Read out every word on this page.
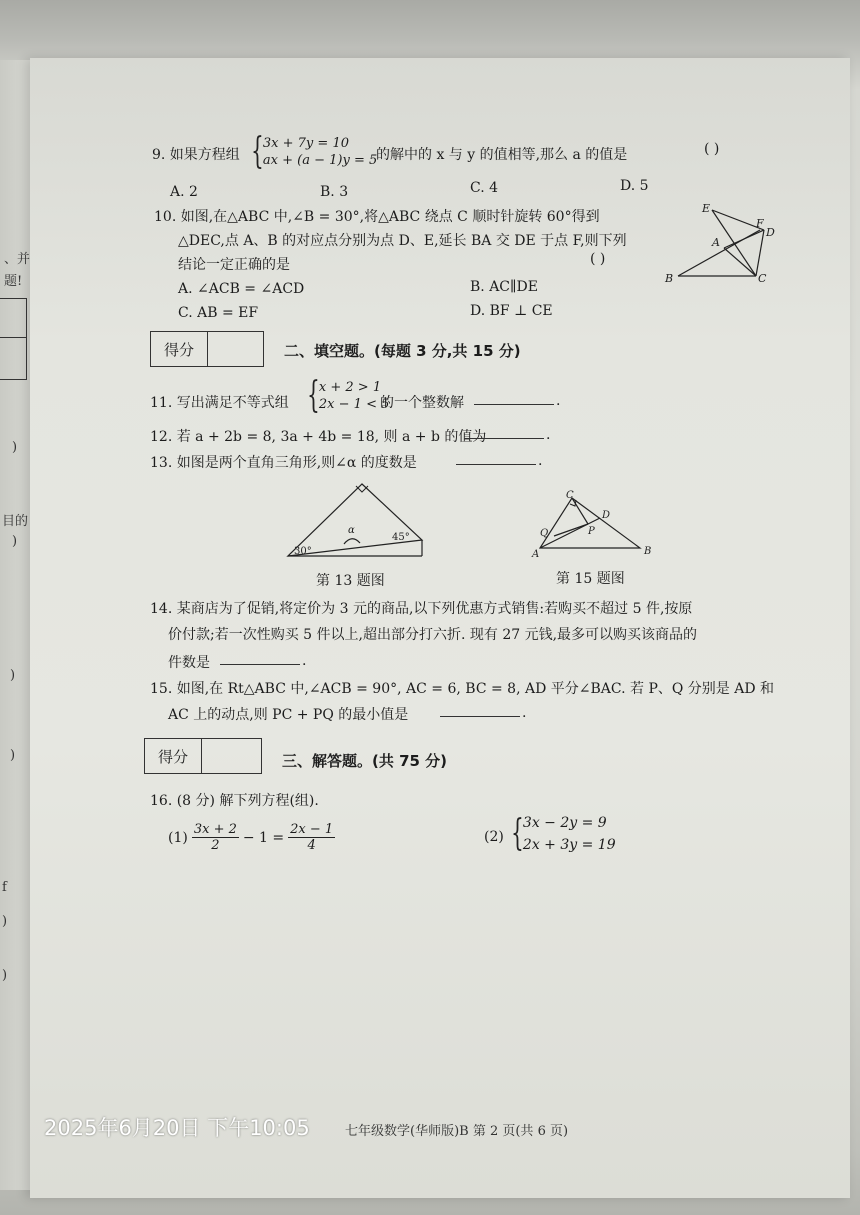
、并
题!
)
目的
)
)
)
f
)
)
9. 如果方程组 { 3x + 7y = 10
ax + (a − 1)y = 5
的解中的 x 与 y 的值相等,那么 a 的值是	( )
A. 2	B. 3	C. 4	D. 5
10. 如图,在△ABC 中,∠B = 30°,将△ABC 绕点 C 顺时针旋转 60°得到
△DEC,点 A、B 的对应点分别为点 D、E,延长 BA 交 DE 于点 F,则下列
结论一定正确的是	( )
A. ∠ACB = ∠ACD	B. AC∥DE
C. AB = EF	D. BF ⊥ CE
E
F
D
A
B	C
得分	二、填空题。(每题 3 分,共 15 分)
11. 写出满足不等式组 { x + 2 > 1
2x − 1 < 5
的一个整数解	.
12. 若 a + 2b = 8, 3a + 4b = 18, 则 a + b 的值为	.
13. 如图是两个直角三角形,则∠α 的度数是	.
30°
α
45°
第 13 题图
C
D
Q	P
A	B
第 15 题图
14. 某商店为了促销,将定价为 3 元的商品,以下列优惠方式销售:若购买不超过 5 件,按原
价付款;若一次性购买 5 件以上,超出部分打六折. 现有 27 元钱,最多可以购买该商品的
件数是	.
15. 如图,在 Rt△ABC 中,∠ACB = 90°, AC = 6, BC = 8, AD 平分∠BAC. 若 P、Q 分别是 AD 和
AC 上的动点,则 PC + PQ 的最小值是	.
得分	三、解答题。(共 75 分)
16. (8 分) 解下列方程(组).
$(1) \frac{3x + 2}{2} - 1 = \frac{2x - 1}{4}$	(2) { 3x − 2y = 9
2x + 3y = 19
七年级数学(华师版)B 第 2 页(共 6 页)
2025年6月20日 下午10:05
